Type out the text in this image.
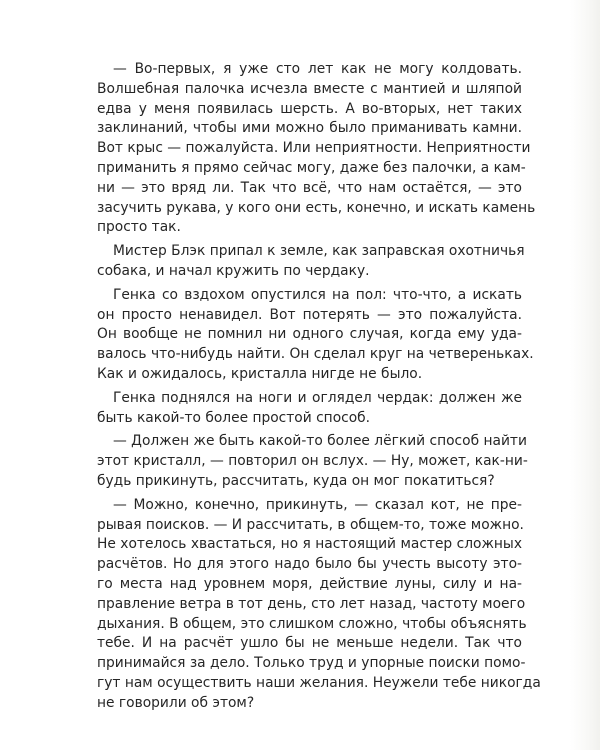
— Во-первых, я уже сто лет как не могу колдовать.
Волшебная палочка исчезла вместе с мантией и шляпой
едва у меня появилась шерсть. А во-вторых, нет таких
заклинаний, чтобы ими можно было приманивать камни.
Вот крыс — пожалуйста. Или неприятности. Неприятности
приманить я прямо сейчас могу, даже без палочки, а кам-
ни — это вряд ли. Так что всё, что нам остаётся, — это
засучить рукава, у кого они есть, конечно, и искать камень
просто так.

Мистер Блэк припал к земле, как заправская охотничья
собака, и начал кружить по чердаку.

Генка со вздохом опустился на пол: что-что, а искать
он просто ненавидел. Вот потерять — это пожалуйста.
Он вообще не помнил ни одного случая, когда ему уда-
валось что-нибудь найти. Он сделал круг на четвереньках.
Как и ожидалось, кристалла нигде не было.

Генка поднялся на ноги и оглядел чердак: должен же
быть какой-то более простой способ.

— Должен же быть какой-то более лёгкий способ найти
этот кристалл, — повторил он вслух. — Ну, может, как-ни-
будь прикинуть, рассчитать, куда он мог покатиться?

— Можно, конечно, прикинуть, — сказал кот, не пре-
рывая поисков. — И рассчитать, в общем-то, тоже можно.
Не хотелось хвастаться, но я настоящий мастер сложных
расчётов. Но для этого надо было бы учесть высоту это-
го места над уровнем моря, действие луны, силу и на-
правление ветра в тот день, сто лет назад, частоту моего
дыхания. В общем, это слишком сложно, чтобы объяснять
тебе. И на расчёт ушло бы не меньше недели. Так что
принимайся за дело. Только труд и упорные поиски помо-
гут нам осуществить наши желания. Неужели тебе никогда
не говорили об этом?
